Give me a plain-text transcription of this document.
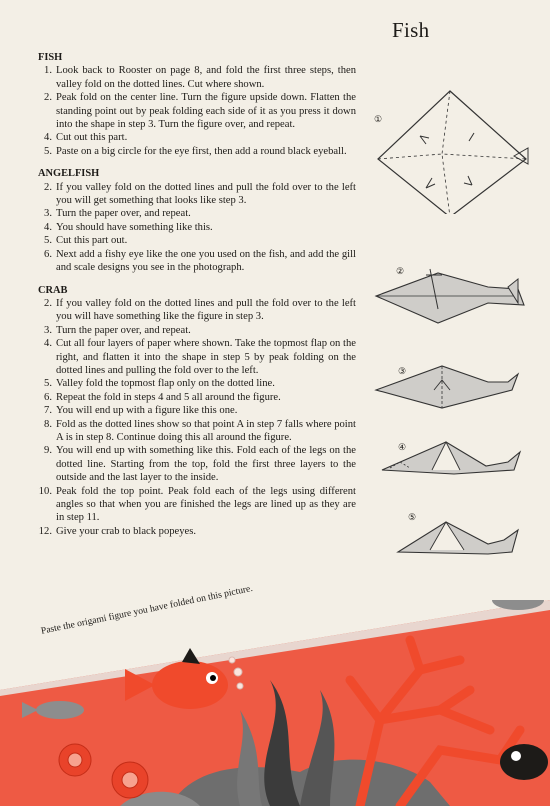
Fish
FISH
1. Look back to Rooster on page 8, and fold the first three steps, then valley fold on the dotted lines. Cut where shown.
2. Peak fold on the center line. Turn the figure upside down. Flatten the standing point out by peak folding each side of it as you press it down into the shape in step 3. Turn the figure over, and repeat.
4. Cut out this part.
5. Paste on a big circle for the eye first, then add a round black eyeball.
ANGELFISH
2. If you valley fold on the dotted lines and pull the fold over to the left you will get something that looks like step 3.
3. Turn the paper over, and repeat.
4. You should have something like this.
5. Cut this part out.
6. Next add a fishy eye like the one you used on the fish, and add the gill and scale designs you see in the photograph.
CRAB
2. If you valley fold on the dotted lines and pull the fold over to the left you will have something like the figure in step 3.
3. Turn the paper over, and repeat.
4. Cut all four layers of paper where shown. Take the topmost flap on the right, and flatten it into the shape in step 5 by peak folding on the dotted lines and pulling the fold over to the left.
5. Valley fold the topmost flap only on the dotted line.
6. Repeat the fold in steps 4 and 5 all around the figure.
7. You will end up with a figure like this one.
8. Fold as the dotted lines show so that point A in step 7 falls where point A is in step 8. Continue doing this all around the figure.
9. You will end up with something like this. Fold each of the legs on the dotted line. Starting from the top, fold the first three layers to the outside and the last layer to the inside.
10. Peak fold the top point. Peak fold each of the legs using different angles so that when you are finished the legs are lined up as they are in step 11.
12. Give your crab to black popeyes.
①
②
③
④
⑤
Paste the origami figure you have folded on this picture.
